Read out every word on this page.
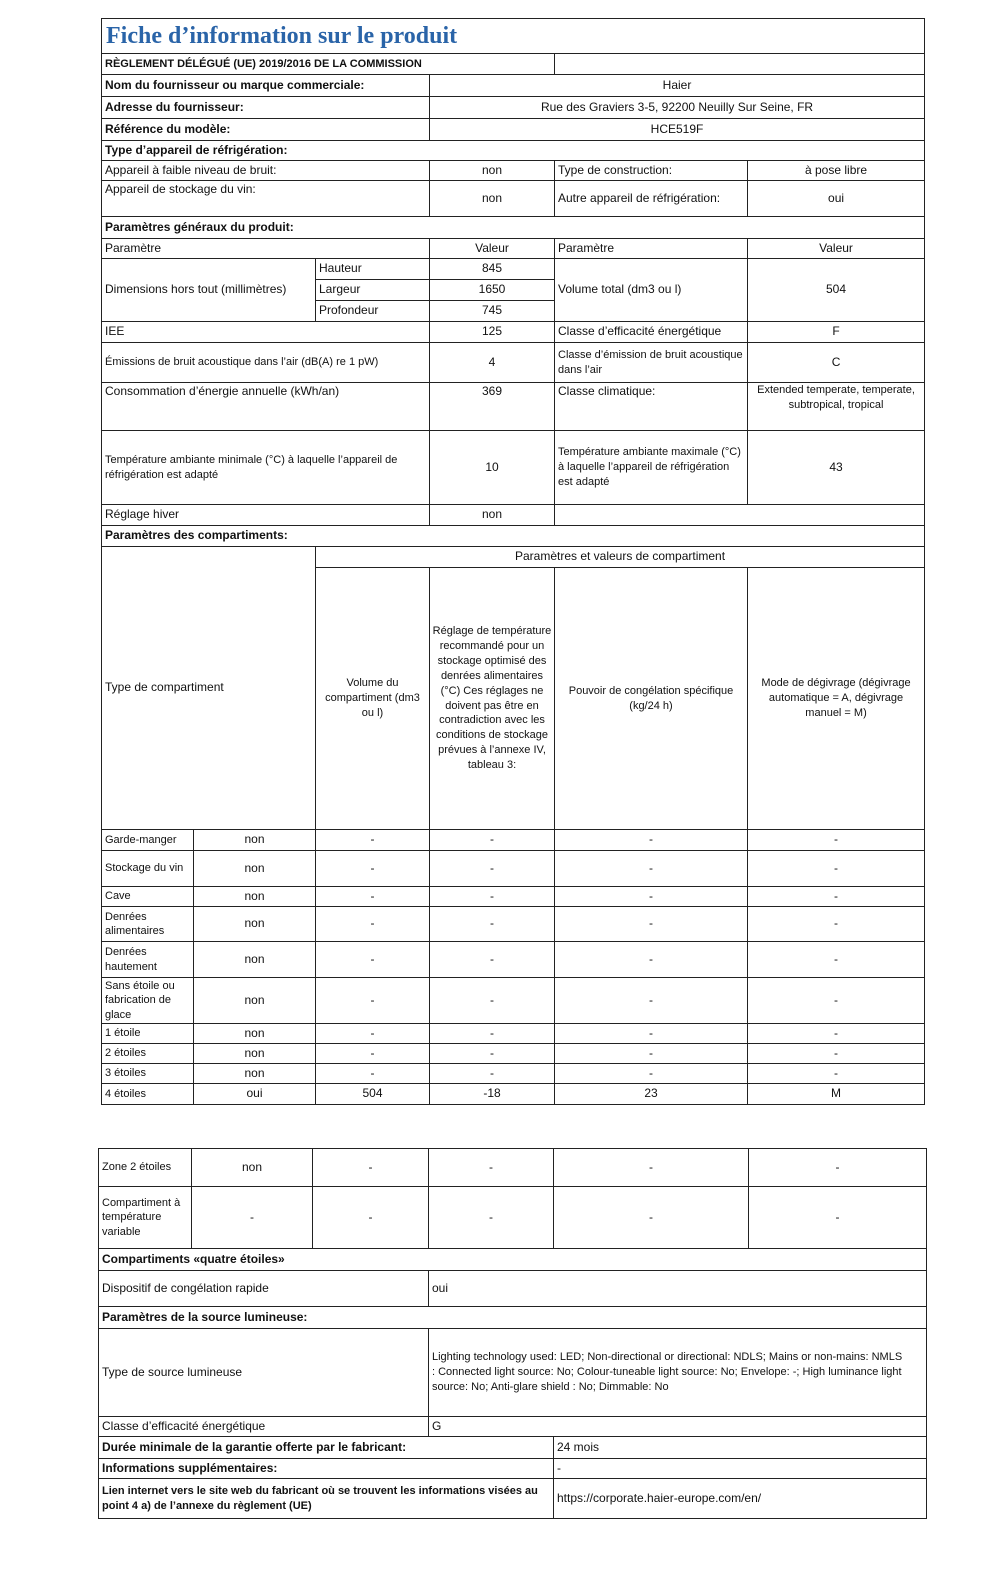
Fiche d’information sur le produit					
RÈGLEMENT DÉLÉGUÉ (UE) 2019/2016 DE LA COMMISSION					
Nom du fournisseur ou marque commerciale:			Haier		
Adresse du fournisseur:			Rue des Graviers 3-5, 92200 Neuilly Sur Seine, FR		
Référence du modèle:			HCE519F		
Type d’appareil de réfrigération:					
Appareil à faible niveau de bruit:			non	Type de construction:	à pose libre
Appareil de stockage du vin:			non	Autre appareil de réfrigération:	oui
Paramètres généraux du produit:					
Paramètre			Valeur	Paramètre	Valeur
Dimensions hors tout (millimètres)		Hauteur	845	Volume total (dm3 ou l)	504
		Largeur	1650		
		Profondeur	745		
IEE			125	Classe d’efficacité énergétique	F
Émissions de bruit acoustique dans l’air (dB(A) re 1 pW)			4	Classe d’émission de bruit acoustique dans l’air	C
Consommation d’énergie annuelle (kWh/an)			369	Classe climatique:	Extended temperate, temperate, subtropical, tropical
Température ambiante minimale (°C) à laquelle l’appareil de réfrigération est adapté			10	Température ambiante maximale (°C) à laquelle l’appareil de réfrigération est adapté	43
Réglage hiver			non		
Paramètres des compartiments:					
Type de compartiment		Paramètres et valeurs de compartiment			
		Volume du compartiment (dm3 ou l)	Réglage de température recommandé pour un stockage optimisé des denrées alimentaires (°C) Ces réglages ne doivent pas être en contradiction avec les conditions de stockage prévues à l’annexe IV, tableau 3:	Pouvoir de congélation spécifique (kg/24 h)	Mode de dégivrage (dégivrage automatique = A, dégivrage manuel = M)
Garde-manger	non	-	-	-	-
Stockage du vin	non	-	-	-	-
Cave	non	-	-	-	-
Denrées alimentaires	non	-	-	-	-
Denrées hautement	non	-	-	-	-
Sans étoile ou fabrication de glace	non	-	-	-	-
1 étoile	non	-	-	-	-
2 étoiles	non	-	-	-	-
3 étoiles	non	-	-	-	-
4 étoiles	oui	504	-18	23	M
Zone 2 étoiles	non	-	-	-	-
Compartiment à température variable	-	-	-	-	-
Compartiments «quatre étoiles»					
Dispositif de congélation rapide			oui		
Paramètres de la source lumineuse:					
Type de source lumineuse			Lighting technology used: LED; Non-directional or directional: NDLS; Mains or non-mains: NMLS
: Connected light source: No; Colour-tuneable light source: No; Envelope: -; High luminance light source: No; Anti-glare shield : No; Dimmable: No		

Classe d’efficacité énergétique			G		
Durée minimale de la garantie offerte par le fabricant:				24 mois	
Informations supplémentaires:				-	
Lien internet vers le site web du fabricant où se trouvent les informations visées au point 4 a) de l’annexe du règlement (UE)				https://corporate.haier-europe.com/en/	
